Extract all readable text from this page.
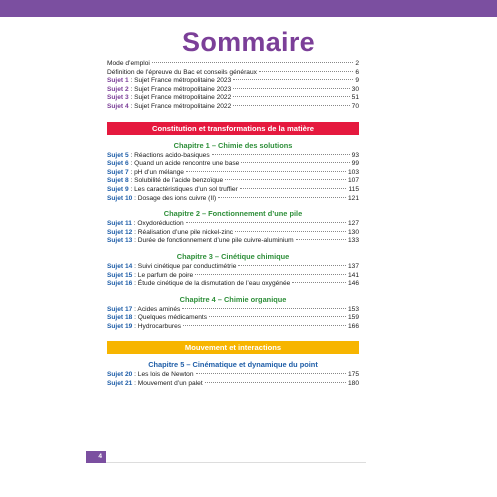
Sommaire
Mode d’emploi	2
Définition de l’épreuve du Bac et conseils généraux	6
Sujet 1 : Sujet France métropolitaine 2023	9
Sujet 2 : Sujet France métropolitaine 2023	30
Sujet 3 : Sujet France métropolitaine 2022	51
Sujet 4 : Sujet France métropolitaine 2022	70
Constitution et transformations de la matière
Chapitre 1 – Chimie des solutions
Sujet 5 : Réactions acido-basiques	93
Sujet 6 : Quand un acide rencontre une base	99
Sujet 7 : pH d’un mélange	103
Sujet 8 : Solubilité de l’acide benzoïque	107
Sujet 9 : Les caractéristiques d’un sol truffier	115
Sujet 10 : Dosage des ions cuivre (II)	121
Chapitre 2 – Fonctionnement d’une pile
Sujet 11 : Oxydoréduction	127
Sujet 12 : Réalisation d’une pile nickel-zinc	130
Sujet 13 : Durée de fonctionnement d’une pile cuivre-aluminium	133
Chapitre 3 – Cinétique chimique
Sujet 14 : Suivi cinétique par conductimétrie	137
Sujet 15 : Le parfum de poire	141
Sujet 16 : Étude cinétique de la dismutation de l’eau oxygénée	146
Chapitre 4 – Chimie organique
Sujet 17 : Acides aminés	153
Sujet 18 : Quelques médicaments	159
Sujet 19 : Hydrocarbures	166
Mouvement et interactions
Chapitre 5 – Cinématique et dynamique du point
Sujet 20 : Les lois de Newton	175
Sujet 21 : Mouvement d’un palet	180
4
